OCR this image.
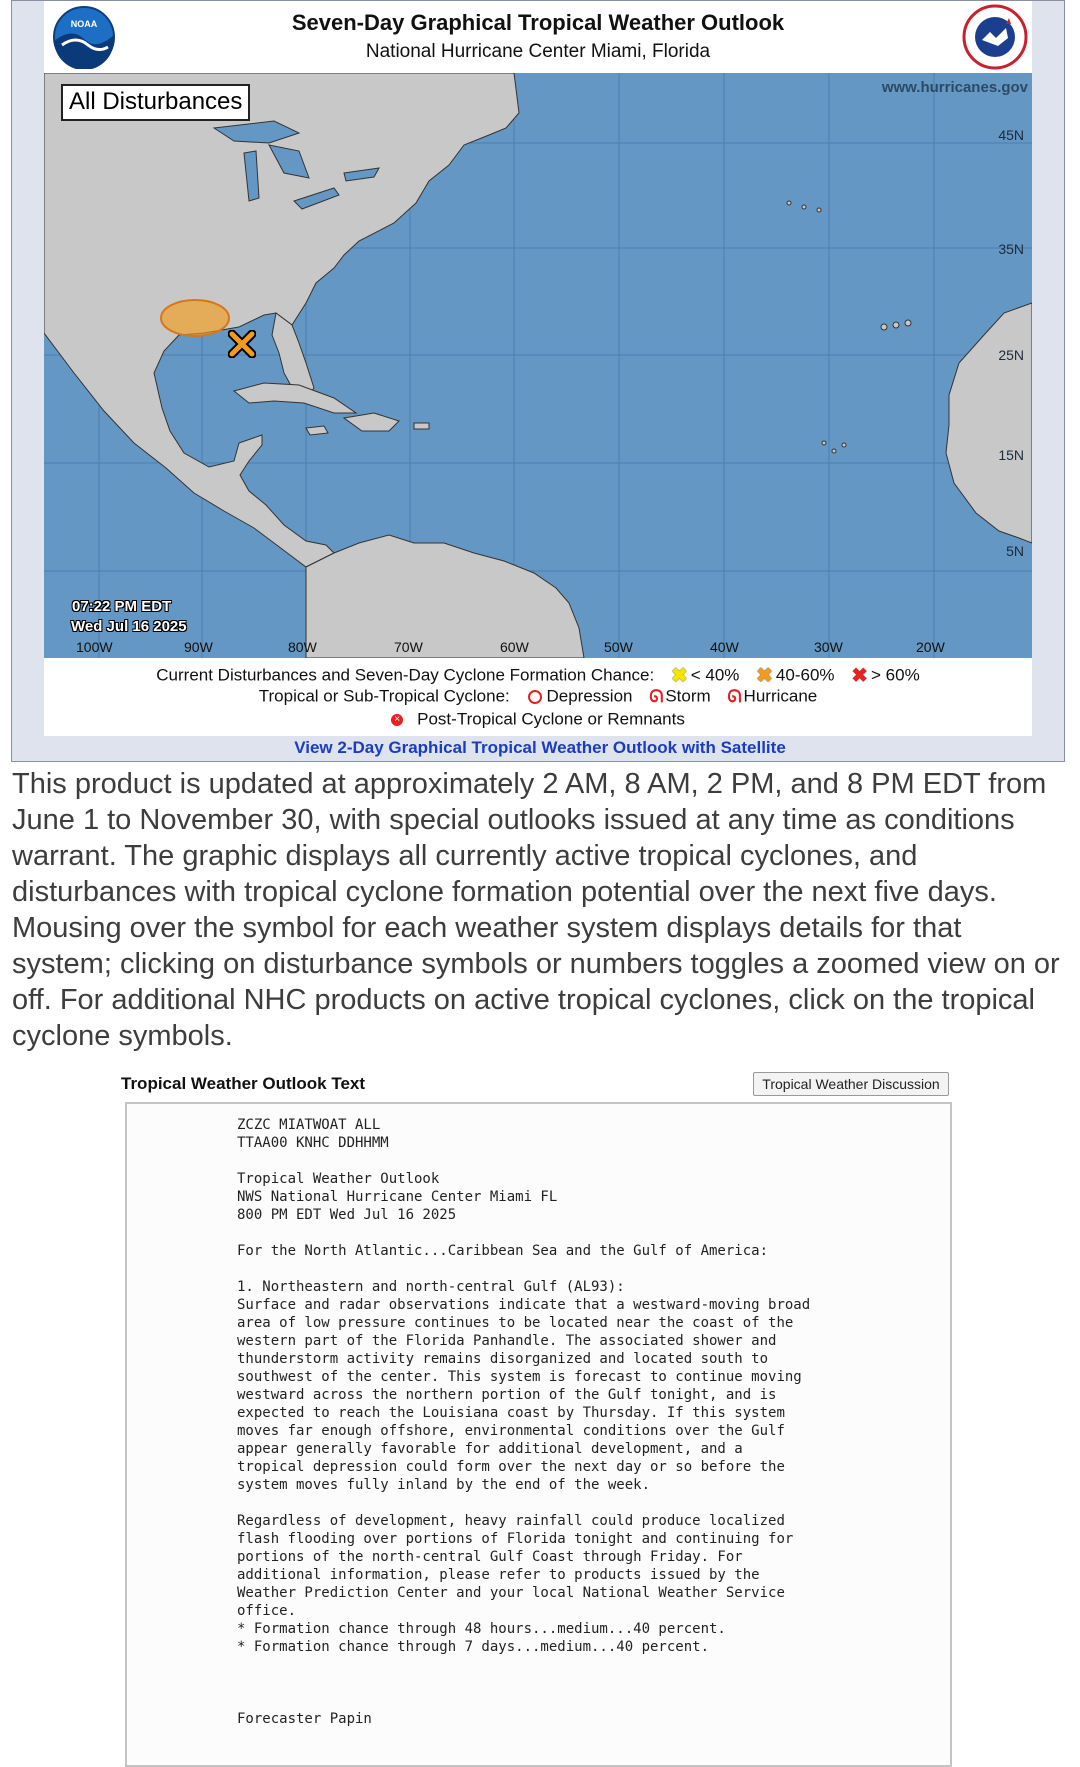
NOAA	Seven-Day Graphical Tropical Weather Outlook
National Hurricane Center Miami, Florida
All Disturbances
www.hurricanes.gov
45N
35N
25N
15N
5N
07:22 PM EDT
Wed Jul 16 2025
100W	90W	80W	70W	60W	50W	40W	30W	20W
Current Disturbances and Seven-Day Cyclone Formation Chance: ✖ < 40% ✖ 40-60% ✖ > 60%
Tropical or Sub-Tropical Cyclone: Depression ᘏ Storm ᘏ Hurricane
× Post-Tropical Cyclone or Remnants
View 2-Day Graphical Tropical Weather Outlook with Satellite
This product is updated at approximately 2 AM, 8 AM, 2 PM, and 8 PM EDT from June 1 to November 30, with special outlooks issued at any time as conditions warrant. The graphic displays all currently active tropical cyclones, and disturbances with tropical cyclone formation potential over the next five days. Mousing over the symbol for each weather system displays details for that system; clicking on disturbance symbols or numbers toggles a zoomed view on or off. For additional NHC products on active tropical cyclones, click on the tropical cyclone symbols.
Tropical Weather Outlook Text	Tropical Weather Discussion
ZCZC MIATWOAT ALL
TTAA00 KNHC DDHHMM

Tropical Weather Outlook
NWS National Hurricane Center Miami FL
800 PM EDT Wed Jul 16 2025

For the North Atlantic...Caribbean Sea and the Gulf of America:

1. Northeastern and north-central Gulf (AL93):
Surface and radar observations indicate that a westward-moving broad
area of low pressure continues to be located near the coast of the
western part of the Florida Panhandle. The associated shower and
thunderstorm activity remains disorganized and located south to
southwest of the center. This system is forecast to continue moving
westward across the northern portion of the Gulf tonight, and is
expected to reach the Louisiana coast by Thursday. If this system
moves far enough offshore, environmental conditions over the Gulf
appear generally favorable for additional development, and a
tropical depression could form over the next day or so before the
system moves fully inland by the end of the week.

Regardless of development, heavy rainfall could produce localized
flash flooding over portions of Florida tonight and continuing for
portions of the north-central Gulf Coast through Friday. For
additional information, please refer to products issued by the
Weather Prediction Center and your local National Weather Service
office.
* Formation chance through 48 hours...medium...40 percent.
* Formation chance through 7 days...medium...40 percent.

Forecaster Papin
